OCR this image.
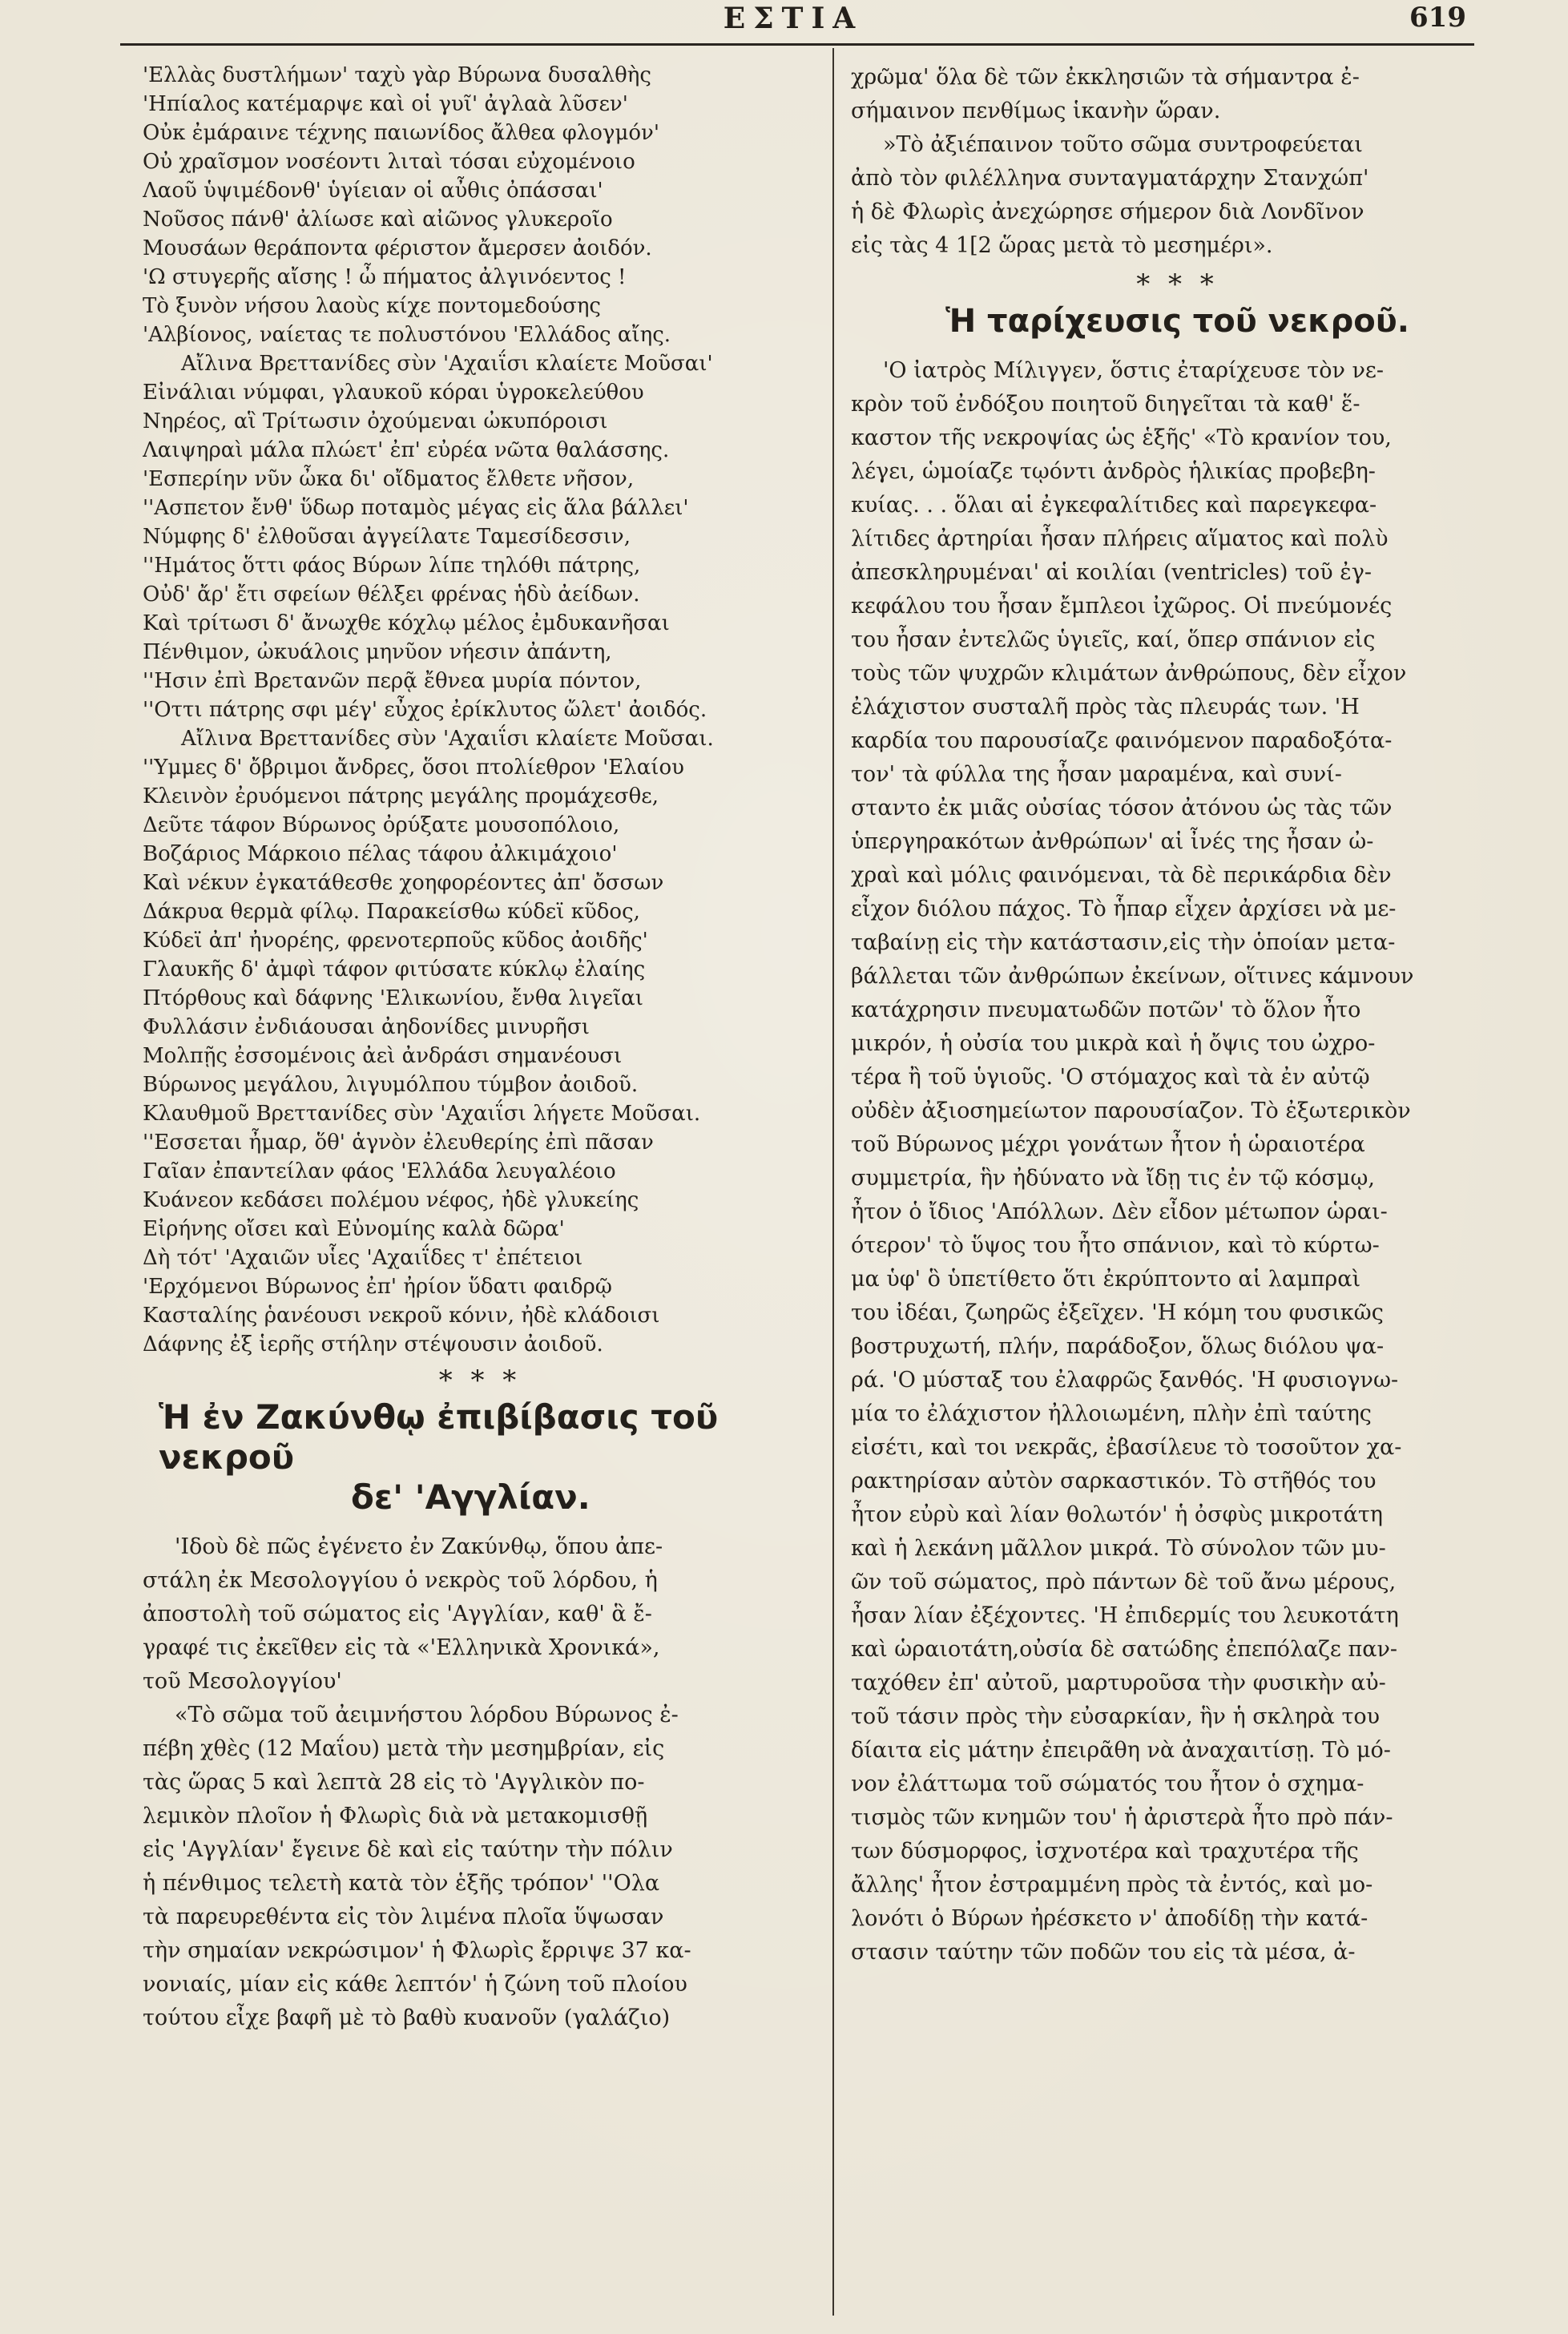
ΕΣΤΙΑ	619
'Ελλὰς δυστλήμων' ταχὺ γὰρ Βύρωνα δυσαλθὴς
'Ηπίαλος κατέμαρψε καὶ οἱ γυῖ' ἀγλαὰ λῦσεν'
Οὐκ ἐμάραινε τέχνης παιωνίδος ἄλθεα φλογμόν'
Οὐ χραῖσμον νοσέοντι λιταὶ τόσαι εὐχομένοιο
Λαοῦ ὑψιμέδονθ' ὑγίειαν οἱ αὖθις ὀπάσσαι'
Νοῦσος πάνθ' ἀλίωσε καὶ αἰῶνος γλυκεροῖο
Μουσάων θεράποντα φέριστον ἄμερσεν ἀοιδόν.
'Ω στυγερῆς αἴσης ! ὦ πήματος ἀλγινόεντος !
Τὸ ξυνὸν νήσου λαοὺς κίχε ποντομεδούσης
'Αλβίονος, ναίετας τε πολυστόνου 'Ελλάδος αἴης.
Αἴλινα Βρεττανίδες σὺν 'Αχαιΐσι κλαίετε Μοῦσαι'
Εἰνάλιαι νύμφαι, γλαυκοῦ κόραι ὑγροκελεύθου
Νηρέος, αἳ Τρίτωσιν ὀχούμεναι ὠκυπόροισι
Λαιψηραὶ μάλα πλώετ' ἐπ' εὐρέα νῶτα θαλάσσης.
'Εσπερίην νῦν ὦκα δι' οἴδματος ἔλθετε νῆσον,
''Ασπετον ἔνθ' ὕδωρ ποταμὸς μέγας εἰς ἅλα βάλλει'
Νύμφης δ' ἐλθοῦσαι ἀγγείλατε Ταμεσίδεσσιν,
''Ημάτος ὅττι φάος Βύρων λίπε τηλόθι πάτρης,
Οὐδ' ἄρ' ἔτι σφείων θέλξει φρένας ἡδὺ ἀείδων.
Καὶ τρίτωσι δ' ἄνωχθε κόχλῳ μέλος ἐμδυκανῆσαι
Πένθιμον, ὠκυάλοις μηνῦον νήεσιν ἀπάντη,
''Ησιν ἐπὶ Βρετανῶν περᾷ ἔθνεα μυρία πόντον,
''Οττι πάτρης σφι μέγ' εὖχος ἐρίκλυτος ὤλετ' ἀοιδός.
Αἴλινα Βρεττανίδες σὺν 'Αχαιΐσι κλαίετε Μοῦσαι.
''Υμμες δ' ὄβριμοι ἄνδρες, ὅσοι πτολίεθρον 'Ελαίου
Κλεινὸν ἐρυόμενοι πάτρης μεγάλης προμάχεσθε,
Δεῦτε τάφον Βύρωνος ὀρύξατε μουσοπόλοιο,
Βοζάριος Μάρκοιο πέλας τάφου ἀλκιμάχοιο'
Καὶ νέκυν ἐγκατάθεσθε χοηφορέοντες ἀπ' ὄσσων
Δάκρυα θερμὰ φίλῳ. Παρακείσθω κύδεϊ κῦδος,
Κύδεϊ ἀπ' ἠνορέης, φρενοτερποῦς κῦδος ἀοιδῆς'
Γλαυκῆς δ' ἀμφὶ τάφον φιτύσατε κύκλῳ ἐλαίης
Πτόρθους καὶ δάφνης 'Ελικωνίου, ἔνθα λιγεῖαι
Φυλλάσιν ἐνδιάουσαι ἀηδονίδες μινυρῆσι
Μολπῇς ἐσσομένοις ἀεὶ ἀνδράσι σημανέουσι
Βύρωνος μεγάλου, λιγυμόλπου τύμβον ἀοιδοῦ.
Κλαυθμοῦ Βρεττανίδες σὺν 'Αχαιΐσι λήγετε Μοῦσαι.
''Εσσεται ἦμαρ, ὅθ' ἁγνὸν ἐλευθερίης ἐπὶ πᾶσαν
Γαῖαν ἐπαντείλαν φάος 'Ελλάδα λευγαλέοιο
Κυάνεον κεδάσει πολέμου νέφος, ἠδὲ γλυκείης
Εἰρήνης οἴσει καὶ Εὐνομίης καλὰ δῶρα'
Δὴ τότ' 'Αχαιῶν υἷες 'Αχαιΐδες τ' ἐπέτειοι
'Ερχόμενοι Βύρωνος ἐπ' ἠρίον ὕδατι φαιδρῷ
Κασταλίης ῥανέουσι νεκροῦ κόνιν, ἠδὲ κλάδοισι
Δάφνης ἐξ ἱερῆς στήλην στέψουσιν ἀοιδοῦ.
* * *
Ἡ ἐν Ζακύνθῳ ἐπιβίβασις τοῦ νεκροῦ
δε' 'Αγγλίαν.
'Ιδοὺ δὲ πῶς ἐγένετο ἐν Ζακύνθῳ, ὅπου ἀπε-
στάλη ἐκ Μεσολογγίου ὁ νεκρὸς τοῦ λόρδου, ἡ
ἀποστολὴ τοῦ σώματος εἰς 'Αγγλίαν, καθ' ἃ ἔ-
γραφέ τις ἐκεῖθεν εἰς τὰ «'Ελληνικὰ Χρονικά»,
τοῦ Μεσολογγίου'
«Τὸ σῶμα τοῦ ἀειμνήστου λόρδου Βύρωνος ἐ-
πέβη χθὲς (12 Μαΐου) μετὰ τὴν μεσημβρίαν, εἰς
τὰς ὥρας 5 καὶ λεπτὰ 28 εἰς τὸ 'Αγγλικὸν πο-
λεμικὸν πλοῖον ἡ Φλωρὶς διὰ νὰ μετακομισθῇ
εἰς 'Αγγλίαν' ἔγεινε δὲ καὶ εἰς ταύτην τὴν πόλιν
ἡ πένθιμος τελετὴ κατὰ τὸν ἑξῆς τρόπον' ''Ολα
τὰ παρευρεθέντα εἰς τὸν λιμένα πλοῖα ὕψωσαν
τὴν σημαίαν νεκρώσιμον' ἡ Φλωρὶς ἔρριψε 37 κα-
νονιαίς, μίαν εἰς κάθε λεπτόν' ἡ ζώνη τοῦ πλοίου
τούτου εἶχε βαφῆ μὲ τὸ βαθὺ κυανοῦν (γαλάζιο)
χρῶμα' ὅλα δὲ τῶν ἐκκλησιῶν τὰ σήμαντρα ἐ-
σήμαινον πενθίμως ἱκανὴν ὥραν.
»Τὸ ἀξιέπαινον τοῦτο σῶμα συντροφεύεται
ἀπὸ τὸν φιλέλληνα συνταγματάρχην Στανχώπ'
ἡ δὲ Φλωρὶς ἀνεχώρησε σήμερον διὰ Λονδῖνον
εἰς τὰς 4 1[2 ὥρας μετὰ τὸ μεσημέρι».
* * *
Ἡ ταρίχευσις τοῦ νεκροῦ.
'Ο ἰατρὸς Μίλιγγεν, ὅστις ἐταρίχευσε τὸν νε-
κρὸν τοῦ ἐνδόξου ποιητοῦ διηγεῖται τὰ καθ' ἕ-
καστον τῆς νεκροψίας ὡς ἑξῆς' «Τὸ κρανίον του,
λέγει, ὡμοίαζε τῳόντι ἀνδρὸς ἡλικίας προβεβη-
κυίας. . . ὅλαι αἱ ἐγκεφαλίτιδες καὶ παρεγκεφα-
λίτιδες ἀρτηρίαι ἦσαν πλήρεις αἵματος καὶ πολὺ
ἀπεσκληρυμέναι' αἱ κοιλίαι (ventricles) τοῦ ἐγ-
κεφάλου του ἦσαν ἔμπλεοι ἰχῶρος. Οἱ πνεύμονές
του ἦσαν ἐντελῶς ὑγιεῖς, καί, ὅπερ σπάνιον εἰς
τοὺς τῶν ψυχρῶν κλιμάτων ἀνθρώπους, δὲν εἶχον
ἐλάχιστον συσταλῆ πρὸς τὰς πλευράς των. 'Η
καρδία του παρουσίαζε φαινόμενον παραδοξότα-
τον' τὰ φύλλα της ἦσαν μαραμένα, καὶ συνί-
σταντο ἐκ μιᾶς οὐσίας τόσον ἀτόνου ὡς τὰς τῶν
ὑπεργηρακότων ἀνθρώπων' αἱ ἶνές της ἦσαν ὠ-
χραὶ καὶ μόλις φαινόμεναι, τὰ δὲ περικάρδια δὲν
εἶχον διόλου πάχος. Τὸ ἧπαρ εἶχεν ἀρχίσει νὰ με-
ταβαίνῃ εἰς τὴν κατάστασιν,εἰς τὴν ὁποίαν μετα-
βάλλεται τῶν ἀνθρώπων ἐκείνων, οἵτινες κάμνουν
κατάχρησιν πνευματωδῶν ποτῶν' τὸ ὅλον ἦτο
μικρόν, ἡ οὐσία του μικρὰ καὶ ἡ ὄψις του ὠχρο-
τέρα ἢ τοῦ ὑγιοῦς. 'Ο στόμαχος καὶ τὰ ἐν αὐτῷ
οὐδὲν ἀξιοσημείωτον παρουσίαζον. Τὸ ἐξωτερικὸν
τοῦ Βύρωνος μέχρι γονάτων ἦτον ἡ ὡραιοτέρα
συμμετρία, ἣν ἠδύνατο νὰ ἴδῃ τις ἐν τῷ κόσμῳ,
ἦτον ὁ ἴδιος 'Απόλλων. Δὲν εἶδον μέτωπον ὡραι-
ότερον' τὸ ὕψος του ἦτο σπάνιον, καὶ τὸ κύρτω-
μα ὑφ' ὃ ὑπετίθετο ὅτι ἐκρύπτοντο αἱ λαμπραὶ
του ἰδέαι, ζωηρῶς ἐξεῖχεν. 'Η κόμη του φυσικῶς
βοστρυχωτή, πλήν, παράδοξον, ὅλως διόλου ψα-
ρά. 'Ο μύσταξ του ἐλαφρῶς ξανθός. 'Η φυσιογνω-
μία το ἐλάχιστον ἠλλοιωμένη, πλὴν ἐπὶ ταύτης
εἰσέτι, καὶ τοι νεκρᾶς, ἐβασίλευε τὸ τοσοῦτον χα-
ρακτηρίσαν αὐτὸν σαρκαστικόν. Τὸ στῆθός του
ἦτον εὐρὺ καὶ λίαν θολωτόν' ἡ ὀσφὺς μικροτάτη
καὶ ἡ λεκάνη μᾶλλον μικρά. Τὸ σύνολον τῶν μυ-
ῶν τοῦ σώματος, πρὸ πάντων δὲ τοῦ ἄνω μέρους,
ἦσαν λίαν ἐξέχοντες. 'Η ἐπιδερμίς του λευκοτάτη
καὶ ὡραιοτάτη,οὐσία δὲ σατώδης ἐπεπόλαζε παν-
ταχόθεν ἐπ' αὐτοῦ, μαρτυροῦσα τὴν φυσικὴν αὐ-
τοῦ τάσιν πρὸς τὴν εὐσαρκίαν, ἣν ἡ σκληρὰ του
δίαιτα εἰς μάτην ἐπειρᾶθη νὰ ἀναχαιτίσῃ. Τὸ μό-
νον ἐλάττωμα τοῦ σώματός του ἦτον ὁ σχημα-
τισμὸς τῶν κνημῶν του' ἡ ἀριστερὰ ἦτο πρὸ πάν-
των δύσμορφος, ἰσχνοτέρα καὶ τραχυτέρα τῆς
ἄλλης' ἦτον ἐστραμμένη πρὸς τὰ ἐντός, καὶ μο-
λονότι ὁ Βύρων ἠρέσκετο ν' ἀποδίδῃ τὴν κατά-
στασιν ταύτην τῶν ποδῶν του εἰς τὰ μέσα, ἀ-
